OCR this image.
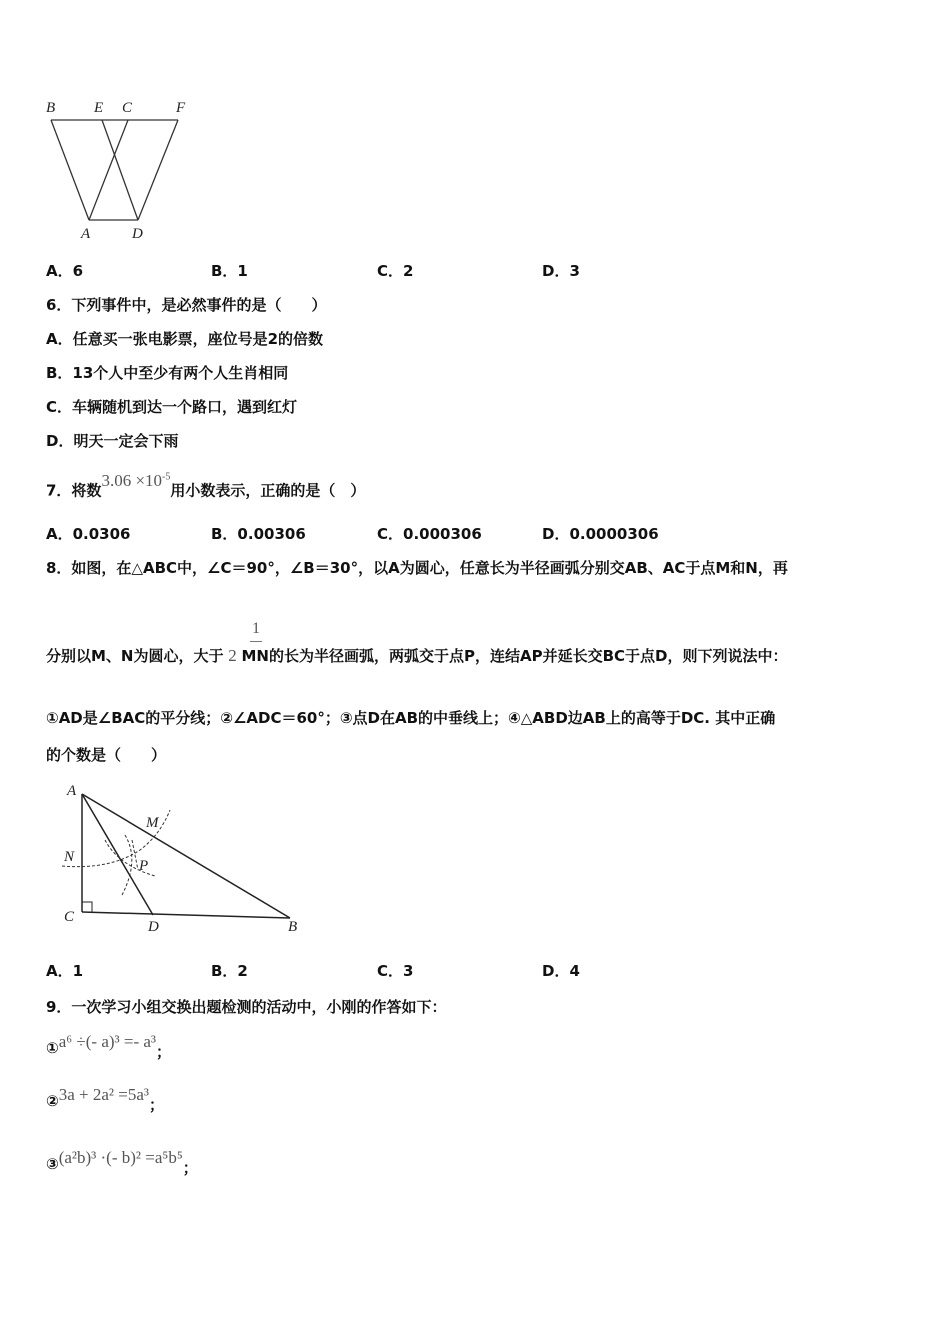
B	E C	F
A	D
A．6	B．1	C．2	D．3
6．下列事件中，是必然事件的是（　　）
A．任意买一张电影票，座位号是2的倍数
B．13个人中至少有两个人生肖相同
C．车辆随机到达一个路口，遇到红灯
D．明天一定会下雨
7．将数$3.06 \times 10^{-5}$用小数表示，正确的是（　）
A．0.0306	B．0.00306	C．0.000306	D．0.0000306
8．如图，在△ABC中，∠C＝90°，∠B＝30°，以A为圆心，任意长为半径画弧分别交AB、AC于点M和N，再
1
分别以M、N为圆心，大于 2 MN的长为半径画弧，两弧交于点P，连结AP并延长交BC于点D，则下列说法中：
①AD是∠BAC的平分线；②∠ADC＝60°；③点D在AB的中垂线上；④△ABD边AB上的高等于DC. 其中正确
的个数是（　　）
A
M
N
P
C
D	B
A．1	B．2	C．3	D．4
9．一次学习小组交换出题检测的活动中，小刚的作答如下：
①a⁶ ÷(- a)³ =- a³；
②3a + 2a² =5a³；
③(a²b)³ ·(- b)² =a⁵b⁵；
